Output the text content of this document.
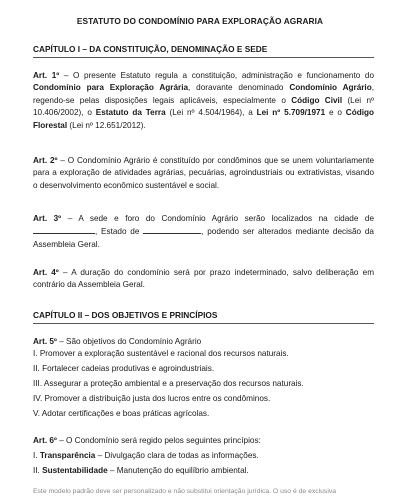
ESTATUTO DO CONDOMÍNIO PARA EXPLORAÇÃO AGRARIA
CAPÍTULO I – DA CONSTITUIÇÃO, DENOMINAÇÃO E SEDE
Art. 1º – O presente Estatuto regula a constituição, administração e funcionamento do Condomínio para Exploração Agrária, doravante denominado Condomínio Agrário, regendo-se pelas disposições legais aplicáveis, especialmente o Código Civil (Lei nº 10.406/2002), o Estatuto da Terra (Lei nº 4.504/1964), a Lei nº 5.709/1971 e o Código Florestal (Lei nº 12.651/2012).
Art. 2º – O Condomínio Agrário é constituído por condôminos que se unem voluntariamente para a exploração de atividades agrárias, pecuárias, agroindustriais ou extrativistas, visando o desenvolvimento econômico sustentável e social.
Art. 3º – A sede e foro do Condomínio Agrário serão localizados na cidade de , Estado de	, podendo ser alterados mediante decisão da Assembleia Geral.
Art. 4º – A duração do condomínio será por prazo indeterminado, salvo deliberação em contrário da Assembleia Geral.
CAPÍTULO II – DOS OBJETIVOS E PRINCÍPIOS
Art. 5º – São objetivos do Condomínio Agrário
I. Promover a exploração sustentável e racional dos recursos naturais.
II. Fortalecer cadeias produtivas e agroindustriais.
III. Assegurar a proteção ambiental e a preservação dos recursos naturais.
IV. Promover a distribuição justa dos lucros entre os condôminos.
V. Adotar certificações e boas práticas agrícolas.
Art. 6º – O Condomínio será regido pelos seguintes princípios:
I. Transparência – Divulgação clara de todas as informações.
II. Sustentabilidade – Manutenção do equilíbrio ambiental.
Este modelo padrão deve ser personalizado e não substitui orientação jurídica. O uso é de exclusiva
